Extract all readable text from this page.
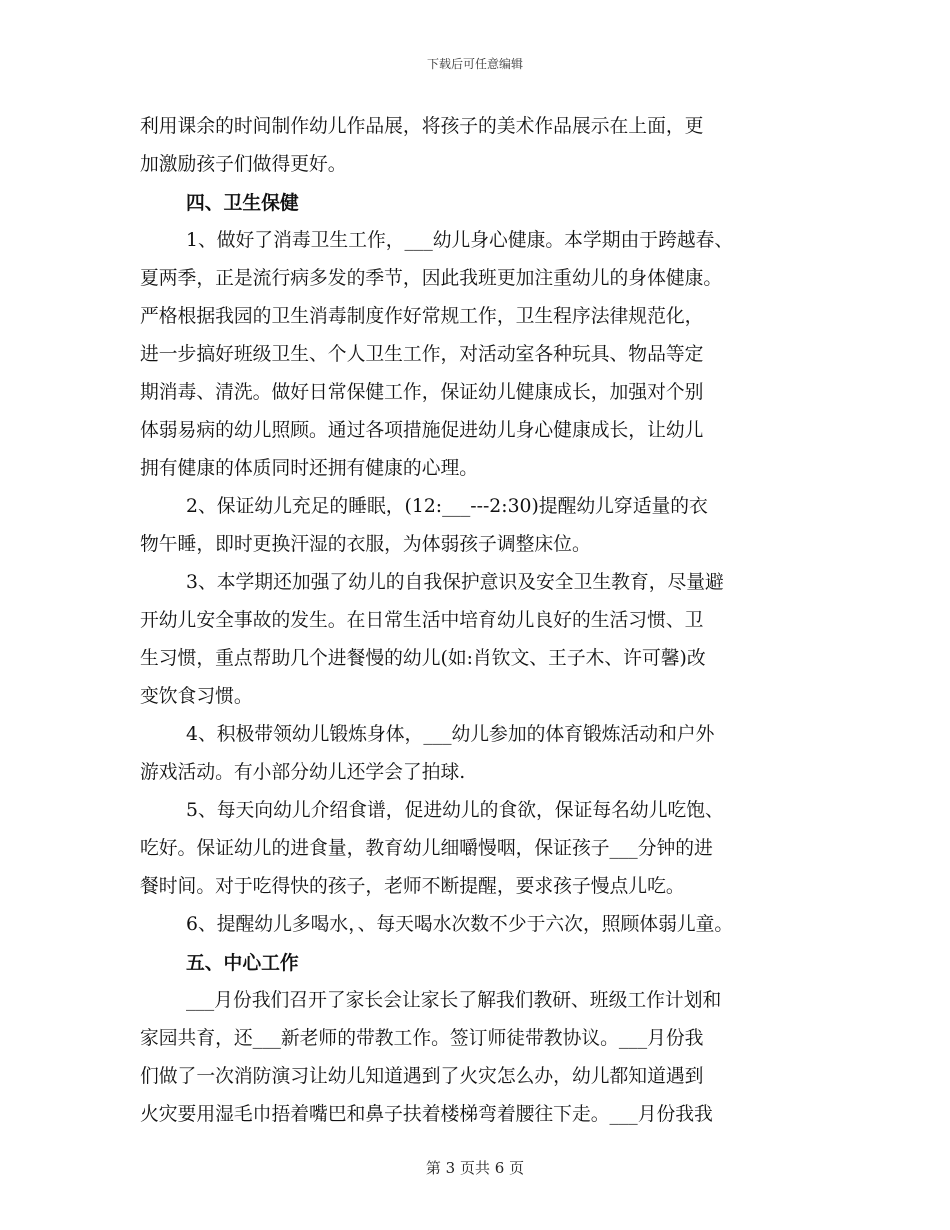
下载后可任意编辑
利用课余的时间制作幼儿作品展，将孩子的美术作品展示在上面，更
加激励孩子们做得更好。
四、卫生保健
1、做好了消毒卫生工作，___幼儿身心健康。本学期由于跨越春、
夏两季，正是流行病多发的季节，因此我班更加注重幼儿的身体健康。
严格根据我园的卫生消毒制度作好常规工作，卫生程序法律规范化，
进一步搞好班级卫生、个人卫生工作，对活动室各种玩具、物品等定
期消毒、清洗。做好日常保健工作，保证幼儿健康成长，加强对个别
体弱易病的幼儿照顾。通过各项措施促进幼儿身心健康成长，让幼儿
拥有健康的体质同时还拥有健康的心理。
2、保证幼儿充足的睡眠，(12:___---2:30)提醒幼儿穿适量的衣
物午睡，即时更换汗湿的衣服，为体弱孩子调整床位。
3、本学期还加强了幼儿的自我保护意识及安全卫生教育，尽量避
开幼儿安全事故的发生。在日常生活中培育幼儿良好的生活习惯、卫
生习惯，重点帮助几个进餐慢的幼儿(如:肖钦文、王子木、许可馨)改
变饮食习惯。
4、积极带领幼儿锻炼身体，___幼儿参加的体育锻炼活动和户外
游戏活动。有小部分幼儿还学会了拍球.
5、每天向幼儿介绍食谱，促进幼儿的食欲，保证每名幼儿吃饱、
吃好。保证幼儿的进食量，教育幼儿细嚼慢咽，保证孩子___分钟的进
餐时间。对于吃得快的孩子，老师不断提醒，要求孩子慢点儿吃。
6、提醒幼儿多喝水，、每天喝水次数不少于六次，照顾体弱儿童。
五、中心工作
___月份我们召开了家长会让家长了解我们教研、班级工作计划和
家园共育，还___新老师的带教工作。签订师徒带教协议。___月份我
们做了一次消防演习让幼儿知道遇到了火灾怎么办，幼儿都知道遇到
火灾要用湿毛巾捂着嘴巴和鼻子扶着楼梯弯着腰往下走。___月份我我
第 3 页共 6 页
